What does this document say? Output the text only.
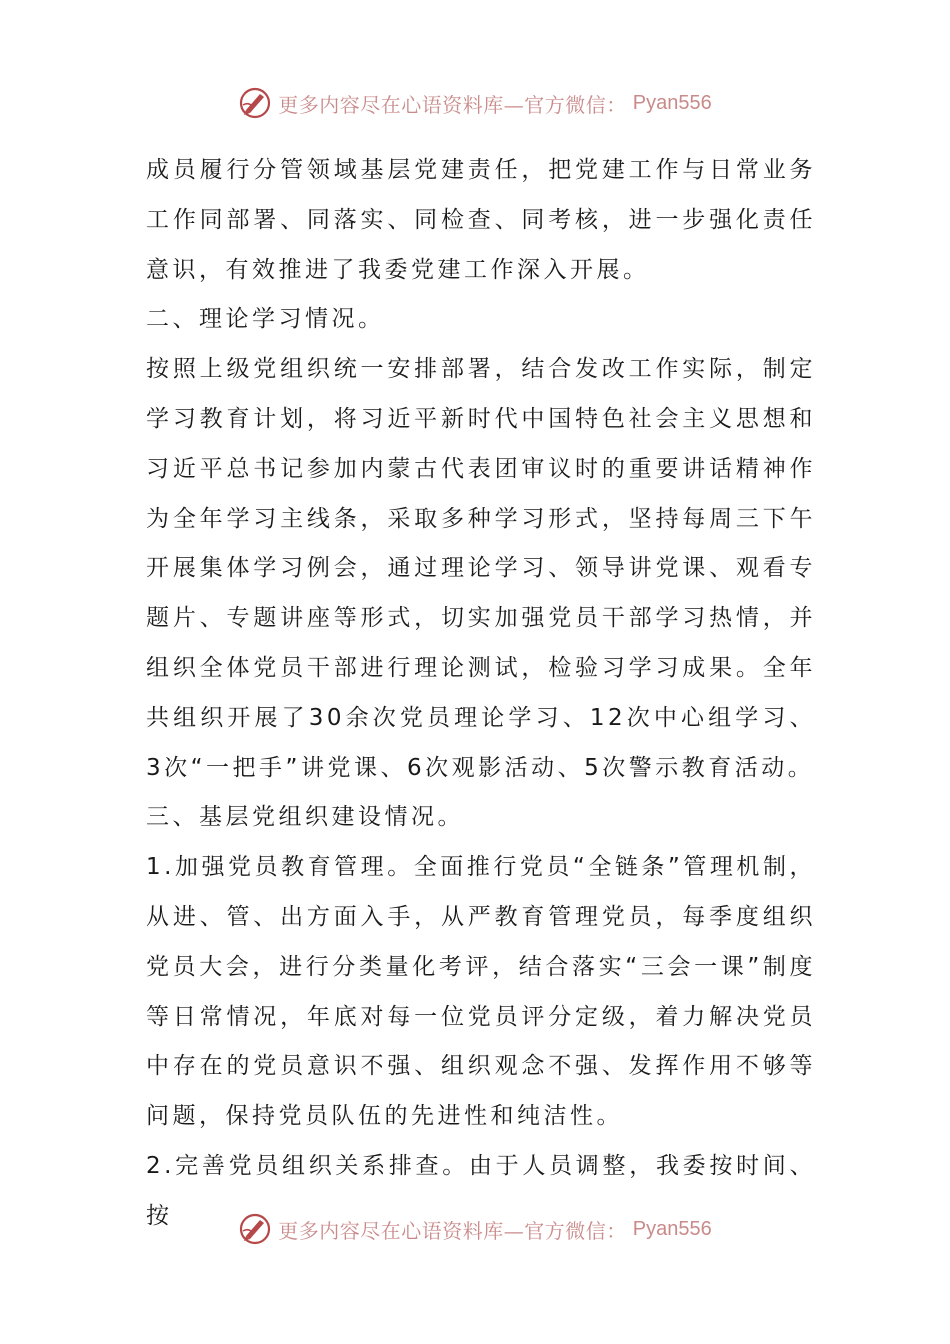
更多内容尽在心语资料库—官方微信： Pyan556

成员履行分管领域基层党建责任，把党建工作与日常业务工作同部署、同落实、同检查、同考核，进一步强化责任意识，有效推进了我委党建工作深入开展。

二、理论学习情况。

按照上级党组织统一安排部署，结合发改工作实际，制定学习教育计划，将习近平新时代中国特色社会主义思想和习近平总书记参加内蒙古代表团审议时的重要讲话精神作为全年学习主线条，采取多种学习形式，坚持每周三下午开展集体学习例会，通过理论学习、领导讲党课、观看专题片、专题讲座等形式，切实加强党员干部学习热情，并组织全体党员干部进行理论测试，检验习学习成果。全年共组织开展了30余次党员理论学习、12次中心组学习、3次“一把手”讲党课、6次观影活动、5次警示教育活动。

三、基层党组织建设情况。

1.加强党员教育管理。全面推行党员“全链条”管理机制，从进、管、出方面入手，从严教育管理党员，每季度组织党员大会，进行分类量化考评，结合落实“三会一课”制度等日常情况，年底对每一位党员评分定级，着力解决党员中存在的党员意识不强、组织观念不强、发挥作用不够等问题，保持党员队伍的先进性和纯洁性。

2.完善党员组织关系排查。由于人员调整，我委按时间、按

更多内容尽在心语资料库—官方微信： Pyan556
